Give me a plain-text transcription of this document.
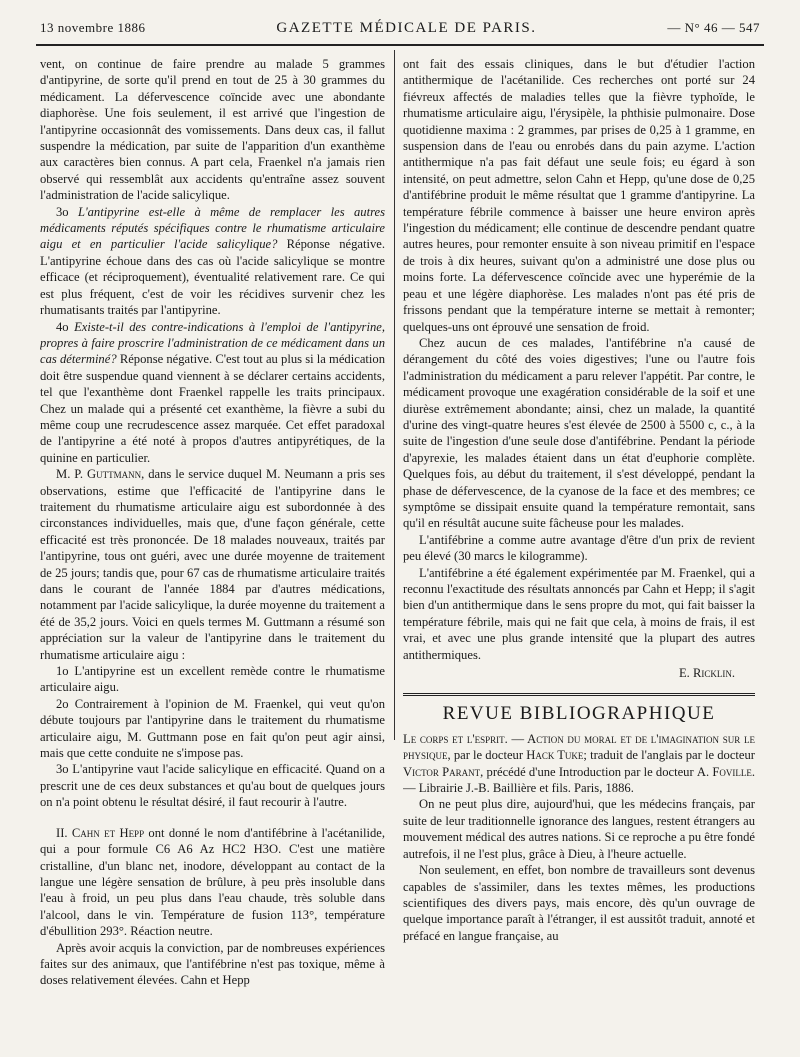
13 novembre 1886	GAZETTE MÉDICALE DE PARIS.	— N° 46 — 547

vent, on continue de faire prendre au malade 5 grammes d'antipyrine, de sorte qu'il prend en tout de 25 à 30 grammes du médicament. La défervescence coïncide avec une abondante diaphorèse. Une fois seulement, il est arrivé que l'ingestion de l'antipyrine occasionnât des vomissements. Dans deux cas, il fallut suspendre la médication, par suite de l'apparition d'un exanthème aux caractères bien connus. A part cela, Fraenkel n'a jamais rien observé qui ressemblât aux accidents qu'entraîne assez souvent l'administration de l'acide salicylique.

3o L'antipyrine est-elle à même de remplacer les autres médicaments réputés spécifiques contre le rhumatisme articulaire aigu et en particulier l'acide salicylique? Réponse négative. L'antipyrine échoue dans des cas où l'acide salicylique se montre efficace (et réciproquement), éventualité relativement rare. Ce qui est plus fréquent, c'est de voir les récidives survenir chez les rhumatisants traités par l'antipyrine.

4o Existe-t-il des contre-indications à l'emploi de l'antipyrine, propres à faire proscrire l'administration de ce médicament dans un cas déterminé? Réponse négative. C'est tout au plus si la médication doit être suspendue quand viennent à se déclarer certains accidents, tel que l'exanthème dont Fraenkel rappelle les traits principaux. Chez un malade qui a présenté cet exanthème, la fièvre a subi du même coup une recrudescence assez marquée. Cet effet paradoxal de l'antipyrine a été noté à propos d'autres antipyrétiques, de la quinine en particulier.

M. P. Guttmann, dans le service duquel M. Neumann a pris ses observations, estime que l'efficacité de l'antipyrine dans le traitement du rhumatisme articulaire aigu est subordonnée à des circonstances individuelles, mais que, d'une façon générale, cette efficacité est très prononcée. De 18 malades nouveaux, traités par l'antipyrine, tous ont guéri, avec une durée moyenne de traitement de 25 jours; tandis que, pour 67 cas de rhumatisme articulaire traités dans le courant de l'année 1884 par d'autres médications, notamment par l'acide salicylique, la durée moyenne du traitement a été de 35,2 jours. Voici en quels termes M. Guttmann a résumé son appréciation sur la valeur de l'antipyrine dans le traitement du rhumatisme articulaire aigu :

1o L'antipyrine est un excellent remède contre le rhumatisme articulaire aigu.

2o Contrairement à l'opinion de M. Fraenkel, qui veut qu'on débute toujours par l'antipyrine dans le traitement du rhumatisme articulaire aigu, M. Guttmann pose en fait qu'on peut agir ainsi, mais que cette conduite ne s'impose pas.

3o L'antipyrine vaut l'acide salicylique en efficacité. Quand on a prescrit une de ces deux substances et qu'au bout de quelques jours on n'a point obtenu le résultat désiré, il faut recourir à l'autre.

II. Cahn et Hepp ont donné le nom d'antifébrine à l'acétanilide, qui a pour formule C6 A6 Az HC2 H3O. C'est une matière cristalline, d'un blanc net, inodore, développant au contact de la langue une légère sensation de brûlure, à peu près insoluble dans l'eau à froid, un peu plus dans l'eau chaude, très soluble dans l'alcool, dans le vin. Température de fusion 113°, température d'ébullition 293°. Réaction neutre.

Après avoir acquis la conviction, par de nombreuses expériences faites sur des animaux, que l'antifébrine n'est pas toxique, même à doses relativement élevées. Cahn et Hepp

ont fait des essais cliniques, dans le but d'étudier l'action antithermique de l'acétanilide. Ces recherches ont porté sur 24 fiévreux affectés de maladies telles que la fièvre typhoïde, le rhumatisme articulaire aigu, l'érysipèle, la phthisie pulmonaire. Dose quotidienne maxima : 2 grammes, par prises de 0,25 à 1 gramme, en suspension dans de l'eau ou enrobés dans du pain azyme. L'action antithermique n'a pas fait défaut une seule fois; eu égard à son intensité, on peut admettre, selon Cahn et Hepp, qu'une dose de 0,25 d'antifébrine produit le même résultat que 1 gramme d'antipyrine. La température fébrile commence à baisser une heure environ après l'ingestion du médicament; elle continue de descendre pendant quatre autres heures, pour remonter ensuite à son niveau primitif en l'espace de trois à dix heures, suivant qu'on a administré une dose plus ou moins forte. La défervescence coïncide avec une hyperémie de la peau et une légère diaphorèse. Les malades n'ont pas été pris de frissons pendant que la température interne se mettait à remonter; quelques-uns ont éprouvé une sensation de froid.

Chez aucun de ces malades, l'antifébrine n'a causé de dérangement du côté des voies digestives; l'une ou l'autre fois l'administration du médicament a paru relever l'appétit. Par contre, le médicament provoque une exagération considérable de la soif et une diurèse extrêmement abondante; ainsi, chez un malade, la quantité d'urine des vingt-quatre heures s'est élevée de 2500 à 5500 c, c., à la suite de l'ingestion d'une seule dose d'antifébrine. Pendant la période d'apyrexie, les malades étaient dans un état d'euphorie complète. Quelques fois, au début du traitement, il s'est développé, pendant la phase de défervescence, de la cyanose de la face et des membres; ce symptôme se dissipait ensuite quand la température remontait, sans qu'il en résultât aucune suite fâcheuse pour les malades.

L'antifébrine a comme autre avantage d'être d'un prix de revient peu élevé (30 marcs le kilogramme).

L'antifébrine a été également expérimentée par M. Fraenkel, qui a reconnu l'exactitude des résultats annoncés par Cahn et Hepp; il s'agit bien d'un antithermique dans le sens propre du mot, qui fait baisser la température fébrile, mais qui ne fait que cela, à moins de frais, il est vrai, et avec une plus grande intensité que la plupart des autres antithermiques.

E. Ricklin.
REVUE BIBLIOGRAPHIQUE

Le corps et l'esprit. — Action du moral et de l'imagination sur le physique, par le docteur Hack Tuke; traduit de l'anglais par le docteur Victor Parant, précédé d'une Introduction par le docteur A. Foville. — Librairie J.-B. Baillière et fils. Paris, 1886.

On ne peut plus dire, aujourd'hui, que les médecins français, par suite de leur traditionnelle ignorance des langues, restent étrangers au mouvement médical des autres nations. Si ce reproche a pu être fondé autrefois, il ne l'est plus, grâce à Dieu, à l'heure actuelle.

Non seulement, en effet, bon nombre de travailleurs sont devenus capables de s'assimiler, dans les textes mêmes, les productions scientifiques des divers pays, mais encore, dès qu'un ouvrage de quelque importance paraît à l'étranger, il est aussitôt traduit, annoté et préfacé en langue française, au
